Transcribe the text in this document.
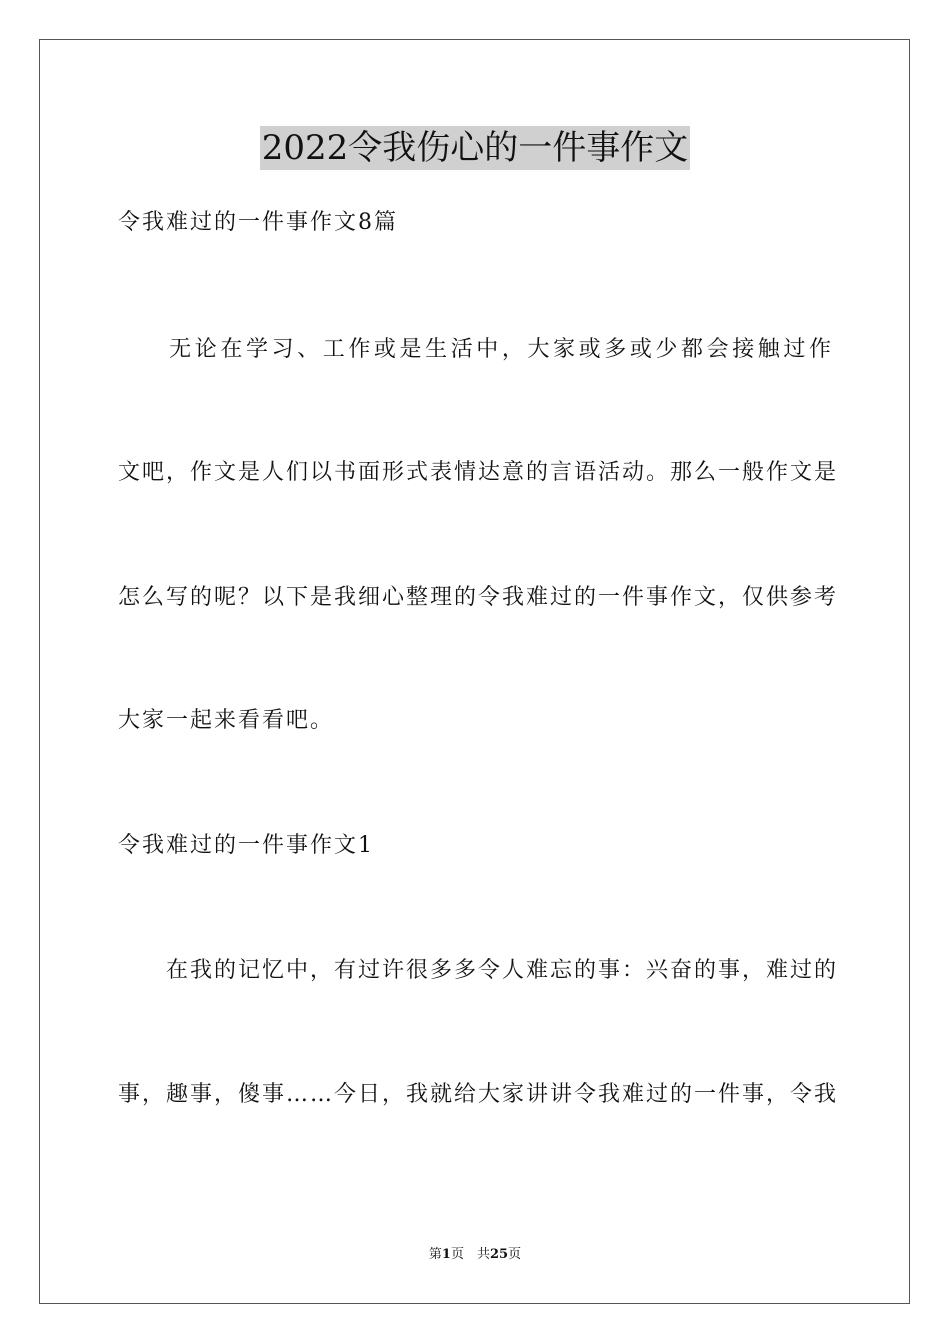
2022令我伤心的一件事作文
令我难过的一件事作文8篇
　　无论在学习、工作或是生活中，大家或多或少都会接触过作
文吧，作文是人们以书面形式表情达意的言语活动。那么一般作文是
怎么写的呢？以下是我细心整理的令我难过的一件事作文，仅供参考
大家一起来看看吧。
令我难过的一件事作文1
　　在我的记忆中，有过许很多多令人难忘的事：兴奋的事，难过的
事，趣事，傻事……今日，我就给大家讲讲令我难过的一件事，令我
第1页　共25页
